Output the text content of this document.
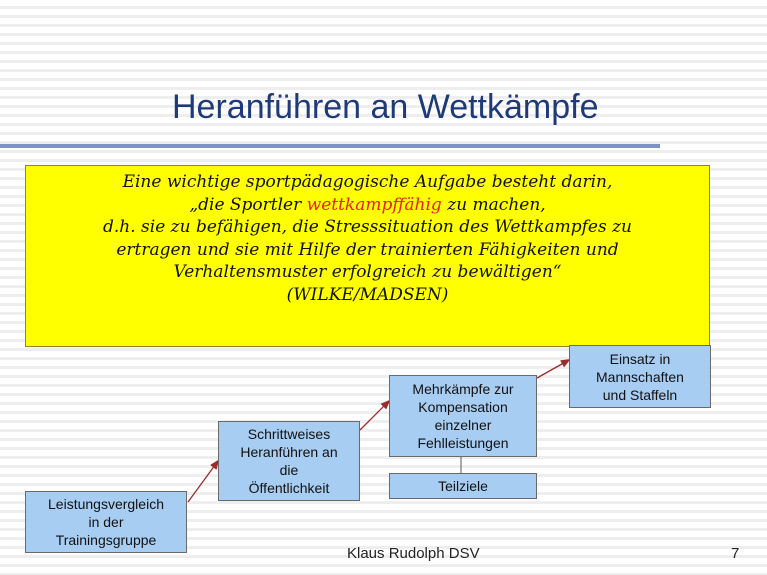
Heranführen an Wettkämpfe
Eine wichtige sportpädagogische Aufgabe besteht darin,
„die Sportler wettkampffähig zu machen,
d.h. sie zu befähigen, die Stresssituation des Wettkampfes zu
ertragen und sie mit Hilfe der trainierten Fähigkeiten und
Verhaltensmuster erfolgreich zu bewältigen“
(WILKE/MADSEN)
Leistungsvergleich
in der
Trainingsgruppe
Schrittweises
Heranführen an
die
Öffentlichkeit
Mehrkämpfe zur
Kompensation
einzelner
Fehlleistungen
Teilziele
Einsatz in
Mannschaften
und Staffeln
Klaus Rudolph DSV	7
